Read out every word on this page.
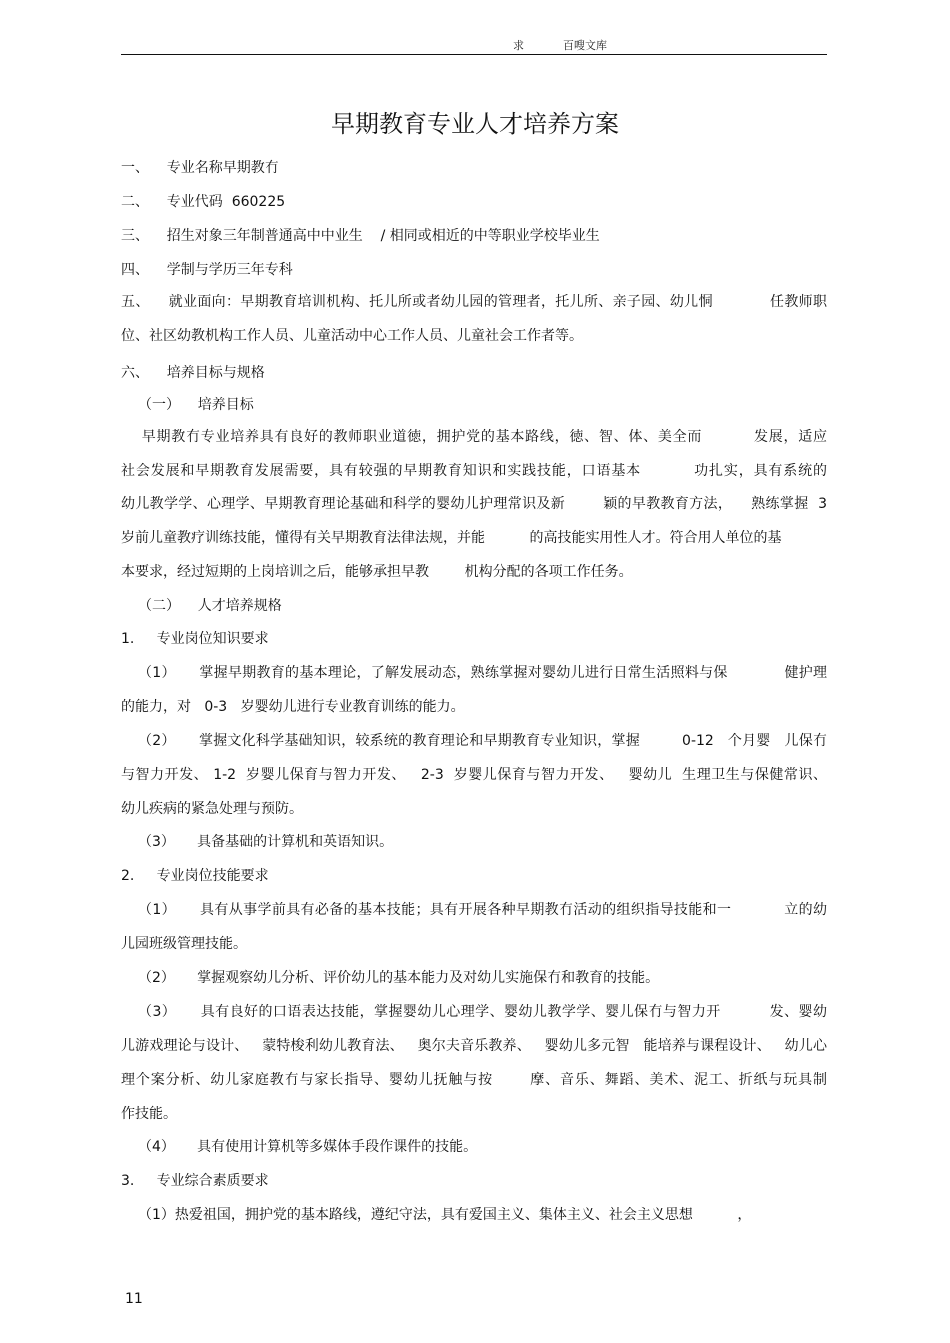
求	百嗖文库
早期教育专业人才培养方案
一、    专业名称早期教冇
二、    专业代码  660225
三、    招生对象三年制普通高中中业生    / 相同或相近的中等职业学校毕业生
四、    学制与学历三年专科
五、    就业面向：早期教育培训机构、托儿所或者幼儿园的管理者，托儿所、亲子园、幼儿恫            任教师职
位、社区幼教机构工作人员、儿童活动中心工作人员、儿童社会工作者等。
六、    培养目标与规格
（一）    培养目标
早期教冇专业培养具有良好的教师职业道徳，拥护党的基本路线，徳、智、体、美全而          发展，适应
社会发展和早期教育发展需要，具有较强的早期教育知识和实践技能，口语基本          功扎实，具有系统的
幼儿教学学、心理学、早期教育理论基础和科学的婴幼儿护理常识及新        颖的早教教育方法，    熟练掌握  3
岁前儿童教疗训练技能，懂得有关早期教育法律法规，并能          的高技能实用性人才。符合用人单位的基
本要求，经过短期的上岗培训之后，能够承担早教        机构分配的各项工作任务。
（二）    人才培养规格
1.     专业岗位知识要求
（1）     掌握早期教育的基本理论，了解发展动态，熟练掌握对婴幼儿进行日常生活照料与保            健护理
的能力，对   0-3   岁婴幼儿进行专业教育训练的能力。
（2）     掌握文化科学基础知识，较系统的教育理论和早期教育专业知识，掌握         0-12   个月婴   儿保冇
与智力开发、 1-2  岁婴儿保育与智力开发、   2-3  岁婴儿保育与智力开发、   婴幼儿  生理卫生与保健常识、
幼儿疾病的紧急处理与预防。
（3）     具备基础的计算机和英语知识。
2.     专业岗位技能要求
（1）     具有从事学前具有必备的基本技能；具有开展各种早期教冇活动的组织指导技能和一           立的幼
儿园班级管理技能。
（2）     掌握观察幼儿分析、评价幼儿的基本能力及对幼儿实施保冇和教育的技能。
（3）     具有良好的口语表达技能，掌握婴幼儿心理学、婴幼儿教学学、婴儿保冇与智力开          发、婴幼
儿游戏理论与设计、   蒙特梭利幼儿教育法、   奥尔夫音乐教养、   婴幼儿多元智   能培养与课程设计、   幼儿心
理个案分析、幼儿家庭教冇与家长指导、婴幼儿抚触与按       摩、音乐、舞蹈、美术、泥工、折纸与玩具制
作技能。
（4）     具有使用计算机等多媒体手段作课件的技能。
3.     专业综合素质要求
（1）热爱祖国，拥护党的基本路线，遵纪守法，具有爱国主义、集体主义、社会主义思想          ，
11
